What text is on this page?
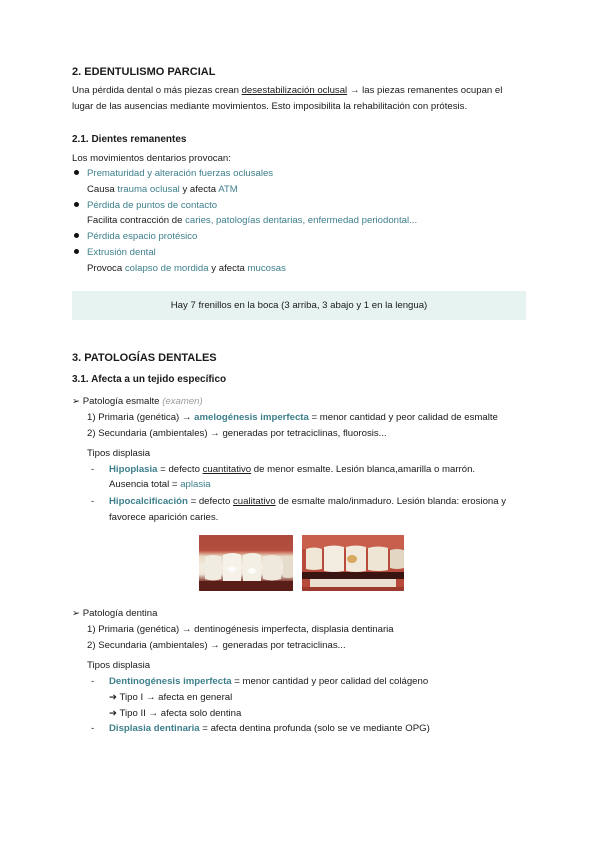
2. EDENTULISMO PARCIAL
Una pérdida dental o más piezas crean desestabilización oclusal → las piezas remanentes ocupan el
lugar de las ausencias mediante movimientos. Esto imposibilita la rehabilitación con prótesis.
2.1. Dientes remanentes
Los movimientos dentarios provocan:
Prematuridad y alteración fuerzas oclusales
Causa trauma oclusal y afecta ATM
Pérdida de puntos de contacto
Facilita contracción de caries, patologías dentarias, enfermedad periodontal...
Pérdida espacio protésico
Extrusión dental
Provoca colapso de mordida y afecta mucosas
Hay 7 frenillos en la boca (3 arriba, 3 abajo y 1 en la lengua)
3. PATOLOGÍAS DENTALES
3.1. Afecta a un tejido específico
➢ Patología esmalte (examen)
1) Primaria (genética) → amelogénesis imperfecta = menor cantidad y peor calidad de esmalte
2) Secundaria (ambientales) → generadas por tetraciclinas, fluorosis...
Tipos displasia
- Hipoplasia = defecto cuantitativo de menor esmalte. Lesión blanca,amarilla o marrón.
Ausencia total = aplasia
- Hipocalcificación = defecto cualitativo de esmalte malo/inmaduro. Lesión blanda: erosiona y
favorece aparición caries.
➢ Patología dentina
1) Primaria (genética) → dentinogénesis imperfecta, displasia dentinaria
2) Secundaria (ambientales) → generadas por tetraciclinas...
Tipos displasia
- Dentinogénesis imperfecta = menor cantidad y peor calidad del colágeno
➔ Tipo I → afecta en general
➔ Tipo II → afecta solo dentina
- Displasia dentinaria = afecta dentina profunda (solo se ve mediante OPG)
